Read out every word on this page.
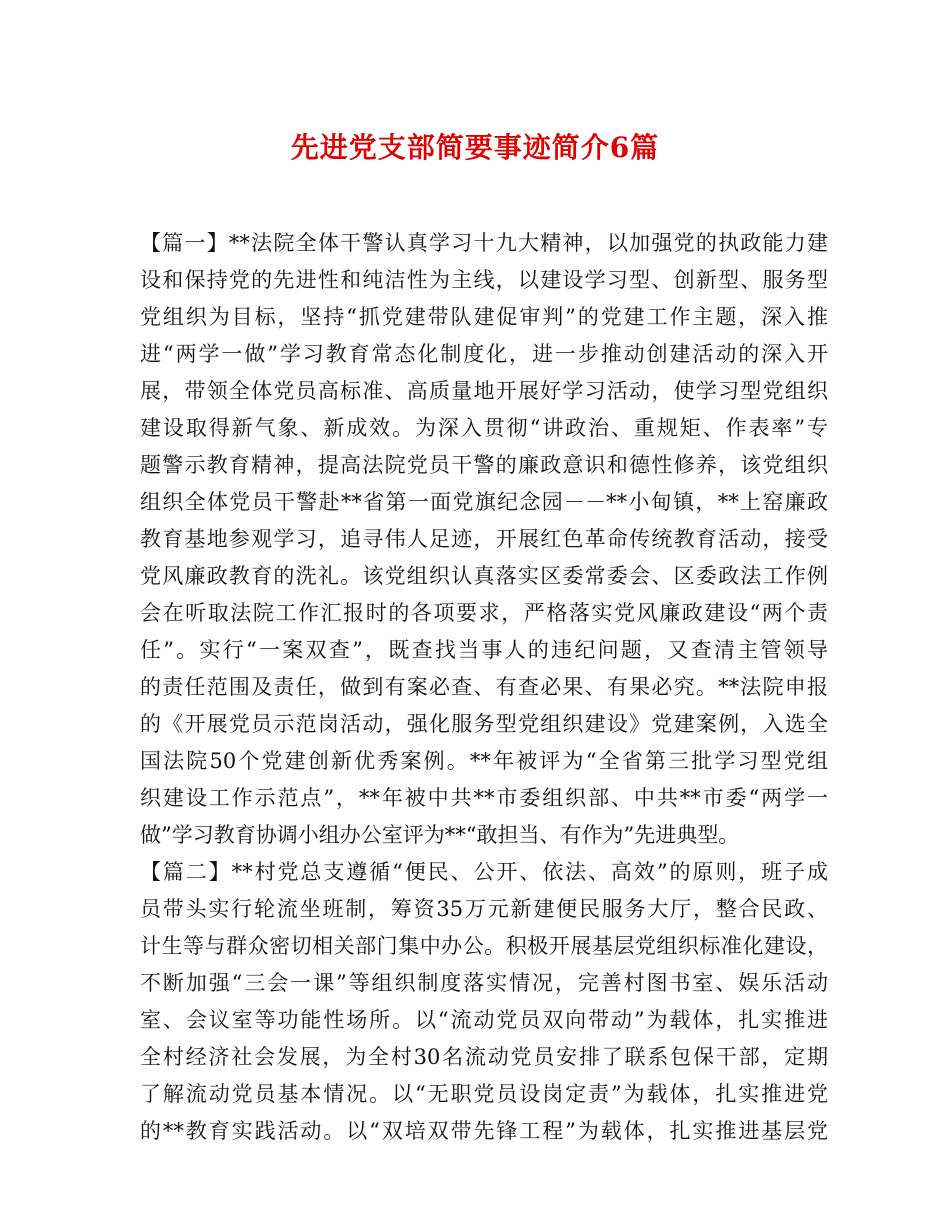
先进党支部简要事迹简介6篇
【篇一】**法院全体干警认真学习十九大精神，以加强党的执政能力建
设和保持党的先进性和纯洁性为主线，以建设学习型、创新型、服务型
党组织为目标，坚持“抓党建带队建促审判”的党建工作主题，深入推
进“两学一做”学习教育常态化制度化，进一步推动创建活动的深入开
展，带领全体党员高标准、高质量地开展好学习活动，使学习型党组织
建设取得新气象、新成效。为深入贯彻“讲政治、重规矩、作表率”专
题警示教育精神，提高法院党员干警的廉政意识和德性修养，该党组织
组织全体党员干警赴**省第一面党旗纪念园－－**小甸镇，**上窑廉政
教育基地参观学习，追寻伟人足迹，开展红色革命传统教育活动，接受
党风廉政教育的洗礼。该党组织认真落实区委常委会、区委政法工作例
会在听取法院工作汇报时的各项要求，严格落实党风廉政建设“两个责
任”。实行“一案双查”，既查找当事人的违纪问题，又查清主管领导
的责任范围及责任，做到有案必查、有查必果、有果必究。**法院申报
的《开展党员示范岗活动，强化服务型党组织建设》党建案例，入选全
国法院50个党建创新优秀案例。**年被评为“全省第三批学习型党组
织建设工作示范点”，**年被中共**市委组织部、中共**市委“两学一
做”学习教育协调小组办公室评为**“敢担当、有作为”先进典型。
【篇二】**村党总支遵循“便民、公开、依法、高效”的原则，班子成
员带头实行轮流坐班制，筹资35万元新建便民服务大厅，整合民政、
计生等与群众密切相关部门集中办公。积极开展基层党组织标准化建设，
不断加强“三会一课”等组织制度落实情况，完善村图书室、娱乐活动
室、会议室等功能性场所。以“流动党员双向带动”为载体，扎实推进
全村经济社会发展，为全村30名流动党员安排了联系包保干部，定期
了解流动党员基本情况。以“无职党员设岗定责”为载体，扎实推进党
的**教育实践活动。以“双培双带先锋工程”为载体，扎实推进基层党
